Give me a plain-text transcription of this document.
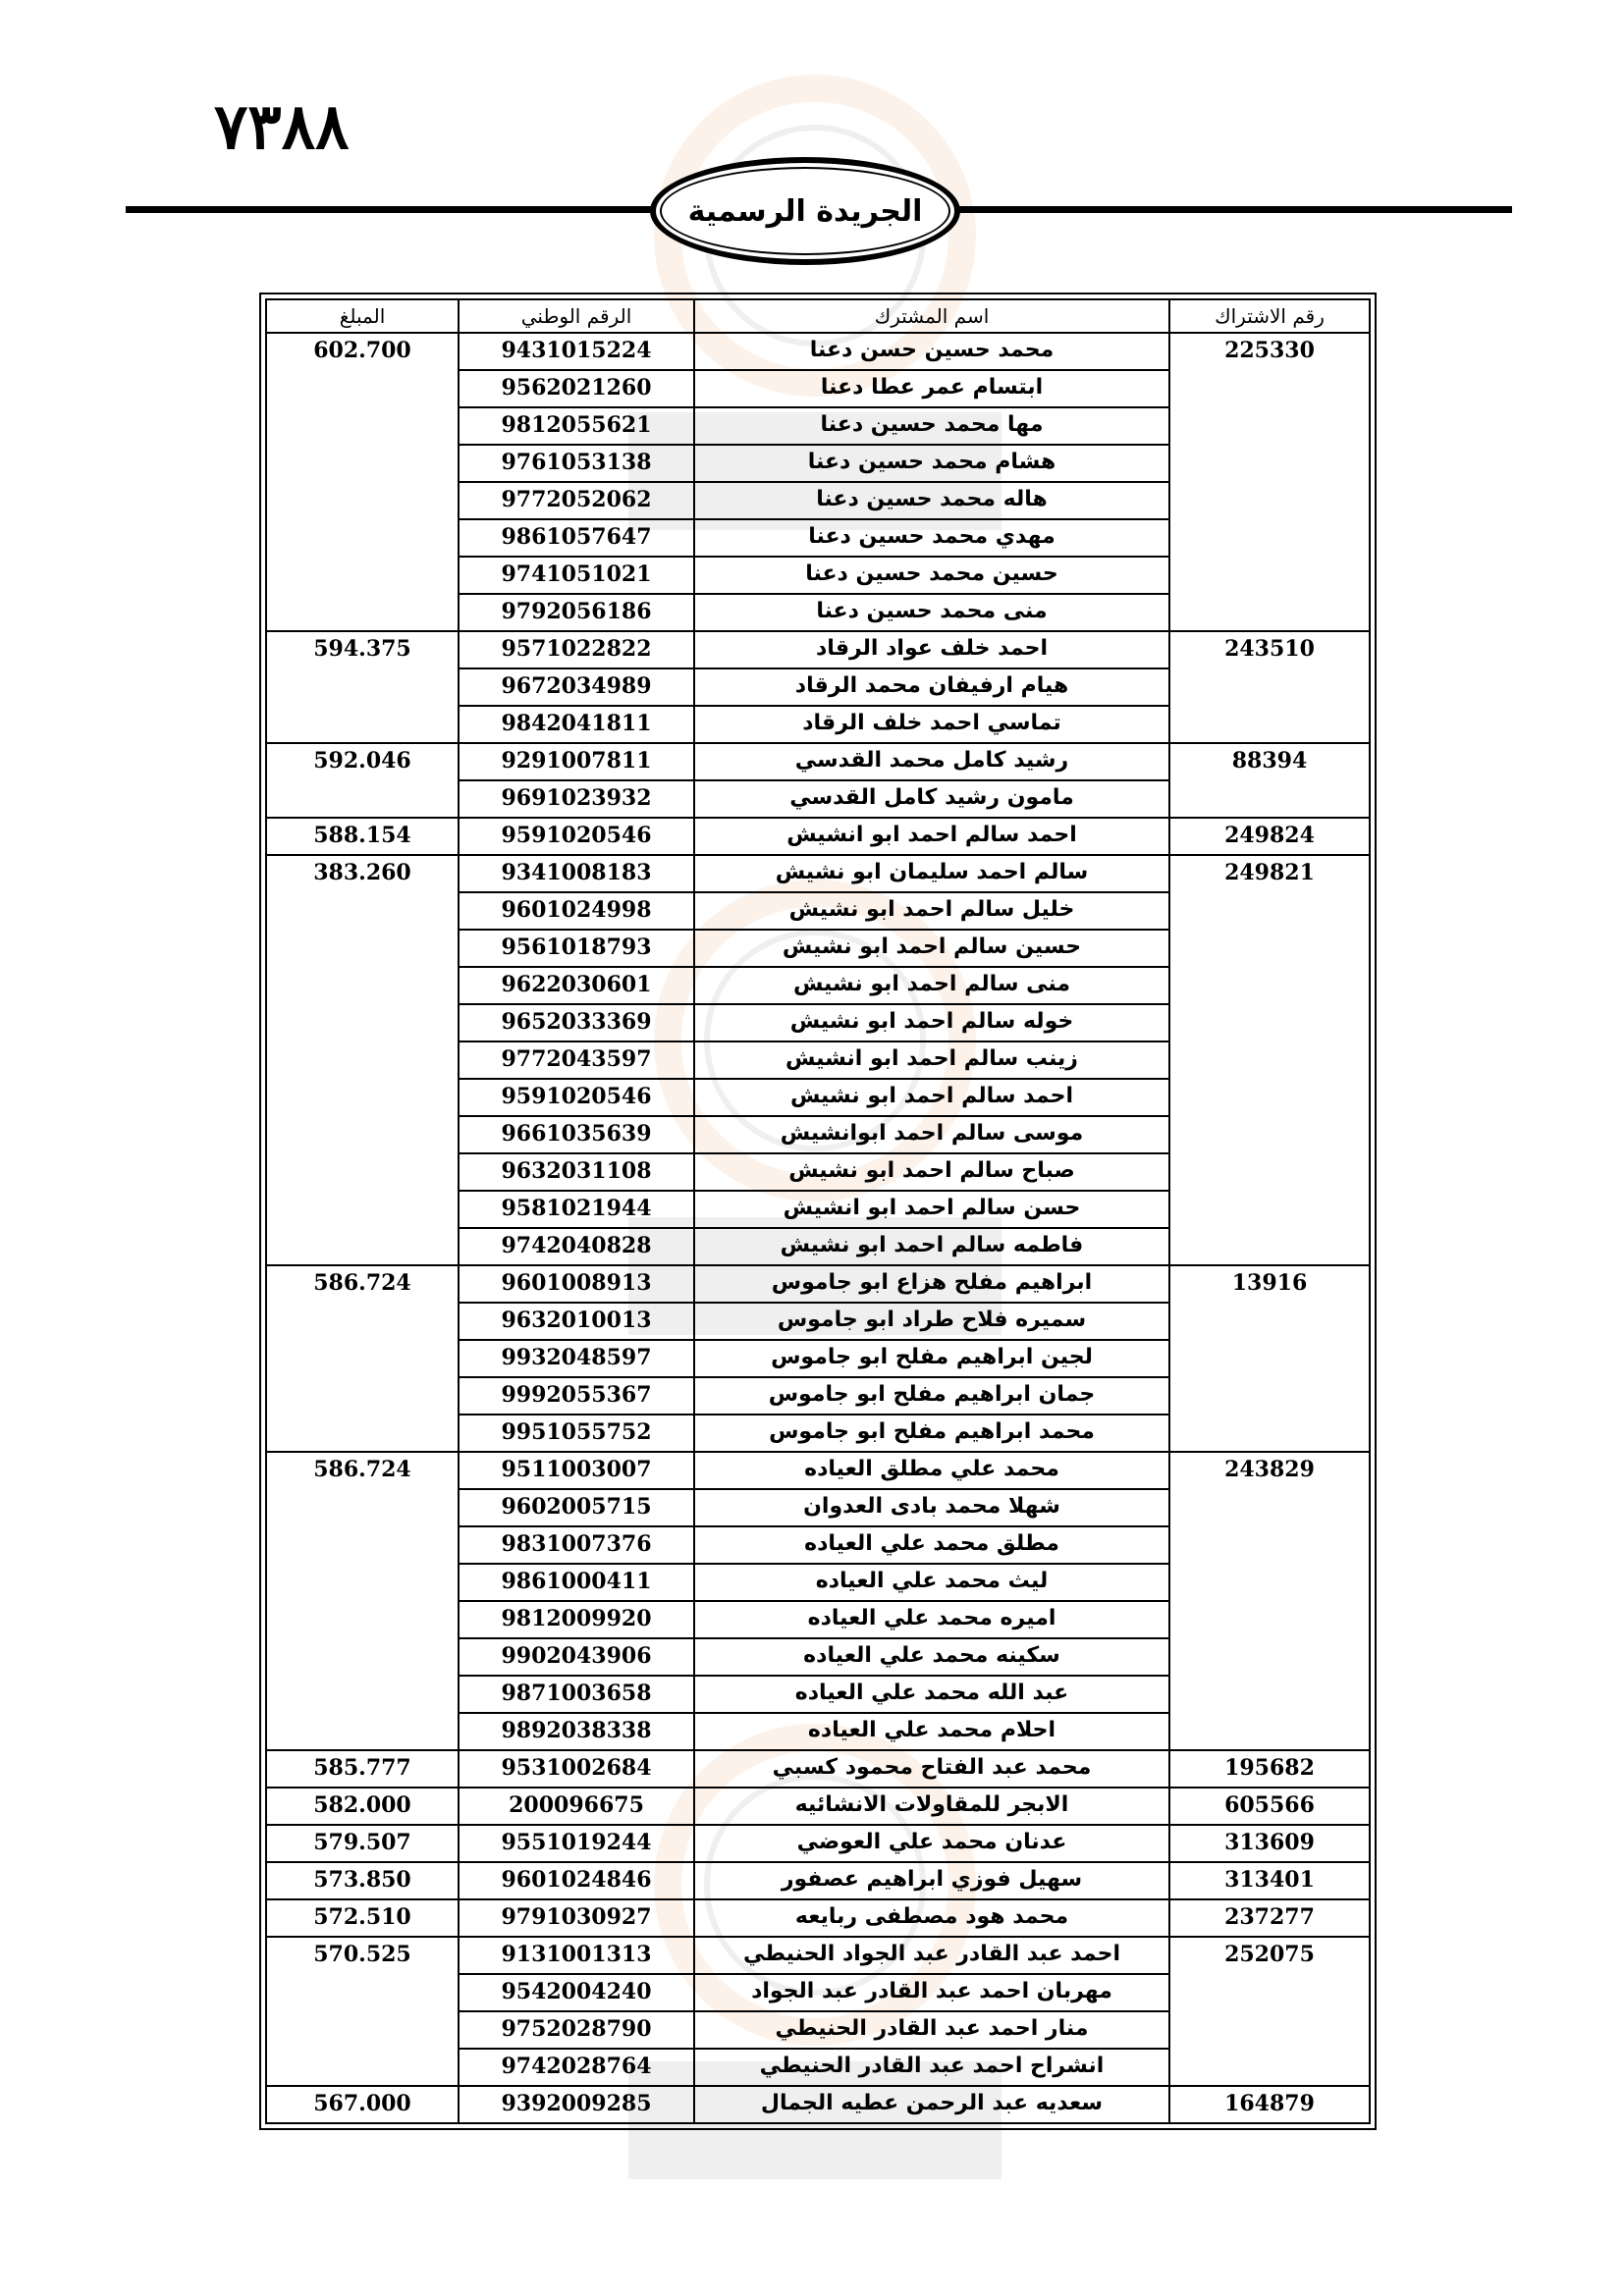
٧٣٨٨
الجريدة الرسمية
رقم الاشتراك	اسم المشترك	الرقم الوطني	المبلغ
225330	محمد حسين حسن دعنا	9431015224	602.700
	ابتسام عمر عطا دعنا	9562021260	
	مها محمد حسين دعنا	9812055621	
	هشام محمد حسين دعنا	9761053138	
	هاله محمد حسين دعنا	9772052062	
	مهدي محمد حسين دعنا	9861057647	
	حسين محمد حسين دعنا	9741051021	
	منى محمد حسين دعنا	9792056186	
243510	احمد خلف عواد الرقاد	9571022822	594.375
	هيام ارفيفان محمد الرقاد	9672034989	
	تماسي احمد خلف الرقاد	9842041811	
88394	رشيد كامل محمد القدسي	9291007811	592.046
	مامون رشيد كامل القدسي	9691023932	
249824	احمد سالم احمد ابو انشيش	9591020546	588.154
249821	سالم احمد سليمان ابو نشيش	9341008183	383.260
	خليل سالم احمد ابو نشيش	9601024998	
	حسين سالم احمد ابو نشيش	9561018793	
	منى سالم احمد ابو نشيش	9622030601	
	خوله سالم احمد ابو نشيش	9652033369	
	زينب سالم احمد ابو انشيش	9772043597	
	احمد سالم احمد ابو نشيش	9591020546	
	موسى سالم احمد ابوانشيش	9661035639	
	صباح سالم احمد ابو نشيش	9632031108	
	حسن سالم احمد ابو انشيش	9581021944	
	فاطمه سالم احمد ابو نشيش	9742040828	
13916	ابراهيم مفلح هزاع ابو جاموس	9601008913	586.724
	سميره فلاح طراد ابو جاموس	9632010013	
	لجين ابراهيم مفلح ابو جاموس	9932048597	
	جمان ابراهيم مفلح ابو جاموس	9992055367	
	محمد ابراهيم مفلح ابو جاموس	9951055752	
243829	محمد علي مطلق العياده	9511003007	586.724
	شهلا محمد بادى العدوان	9602005715	
	مطلق محمد علي العياده	9831007376	
	ليث محمد علي العياده	9861000411	
	اميره محمد علي العياده	9812009920	
	سكينه محمد علي العياده	9902043906	
	عبد الله محمد علي العياده	9871003658	
	احلام محمد علي العياده	9892038338	
195682	محمد عبد الفتاح محمود كسبي	9531002684	585.777
605566	الابجر للمقاولات الانشائيه	200096675	582.000
313609	عدنان محمد علي العوضي	9551019244	579.507
313401	سهيل فوزي ابراهيم عصفور	9601024846	573.850
237277	محمد هود مصطفى ربايعه	9791030927	572.510
252075	احمد عبد القادر عبد الجواد الحنيطي	9131001313	570.525
	مهربان احمد عبد القادر عبد الجواد	9542004240	
	منار احمد عبد القادر الحنيطي	9752028790	
	انشراح احمد عبد القادر الحنيطي	9742028764	
164879	سعديه عبد الرحمن عطيه الجمال	9392009285	567.000
